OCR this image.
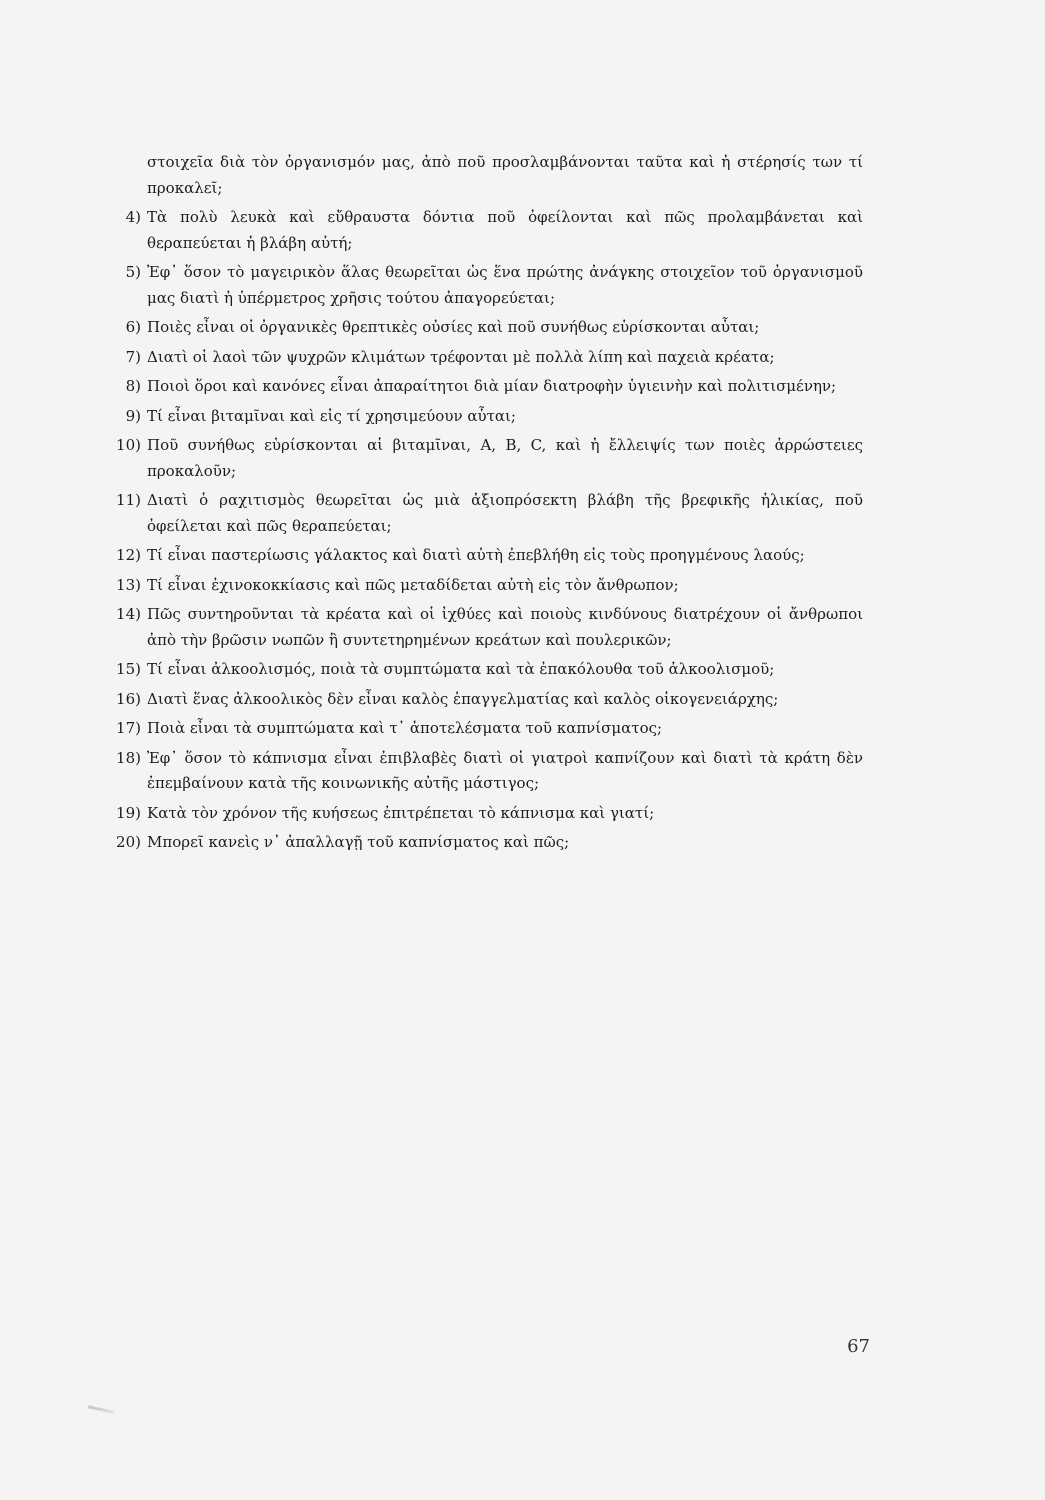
στοιχεῖα διὰ τὸν ὀργανισμόν μας, ἀπὸ ποῦ προσλαμβάνονται ταῦτα καὶ ἡ στέρησίς των τί προκαλεῖ;
4) Τὰ πολὺ λευκὰ καὶ εὔθραυστα δόντια ποῦ ὀφείλονται καὶ πῶς προλαμβάνεται καὶ θεραπεύεται ἡ βλάβη αὐτή;
5) Ἐφ᾽ ὅσον τὸ μαγειρικὸν ἅλας θεωρεῖται ὡς ἕνα πρώτης ἀνάγκης στοιχεῖον τοῦ ὀργανισμοῦ μας διατὶ ἡ ὑπέρμετρος χρῆσις τούτου ἀπαγορεύεται;
6) Ποιὲς εἶναι οἱ ὀργανικὲς θρεπτικὲς οὐσίες καὶ ποῦ συνήθως εὑρίσκονται αὗται;
7) Διατὶ οἱ λαοὶ τῶν ψυχρῶν κλιμάτων τρέφονται μὲ πολλὰ λίπη καὶ παχειὰ κρέατα;
8) Ποιοὶ ὅροι καὶ κανόνες εἶναι ἀπαραίτητοι διὰ μίαν διατροφὴν ὑγιεινὴν καὶ πολιτισμένην;
9) Τί εἶναι βιταμῖναι καὶ εἰς τί χρησιμεύουν αὗται;
10) Ποῦ συνήθως εὑρίσκονται αἱ βιταμῖναι, A, B, C, καὶ ἡ ἔλλειψίς των ποιὲς ἀρρώστειες προκαλοῦν;
11) Διατὶ ὁ ραχιτισμὸς θεωρεῖται ὡς μιὰ ἀξιοπρόσεκτη βλάβη τῆς βρεφικῆς ἡλικίας, ποῦ ὀφείλεται καὶ πῶς θεραπεύεται;
12) Τί εἶναι παστερίωσις γάλακτος καὶ διατὶ αὐτὴ ἐπεβλήθη εἰς τοὺς προηγμένους λαούς;
13) Τί εἶναι ἐχινοκοκκίασις καὶ πῶς μεταδίδεται αὐτὴ εἰς τὸν ἄνθρωπον;
14) Πῶς συντηροῦνται τὰ κρέατα καὶ οἱ ἰχθύες καὶ ποιοὺς κινδύνους διατρέχουν οἱ ἄνθρωποι ἀπὸ τὴν βρῶσιν νωπῶν ἢ συντετηρημένων κρεάτων καὶ πουλερικῶν;
15) Τί εἶναι ἀλκοολισμός, ποιὰ τὰ συμπτώματα καὶ τὰ ἐπακόλουθα τοῦ ἀλκοολισμοῦ;
16) Διατὶ ἕνας ἀλκοολικὸς δὲν εἶναι καλὸς ἐπαγγελματίας καὶ καλὸς οἰκογενειάρχης;
17) Ποιὰ εἶναι τὰ συμπτώματα καὶ τ᾽ ἀποτελέσματα τοῦ καπνίσματος;
18) Ἐφ᾽ ὅσον τὸ κάπνισμα εἶναι ἐπιβλαβὲς διατὶ οἱ γιατροὶ καπνίζουν καὶ διατὶ τὰ κράτη δὲν ἐπεμβαίνουν κατὰ τῆς κοινωνικῆς αὐτῆς μάστιγος;
19) Κατὰ τὸν χρόνον τῆς κυήσεως ἐπιτρέπεται τὸ κάπνισμα καὶ γιατί;
20) Μπορεῖ κανεὶς ν᾽ ἀπαλλαγῇ τοῦ καπνίσματος καὶ πῶς;
67
